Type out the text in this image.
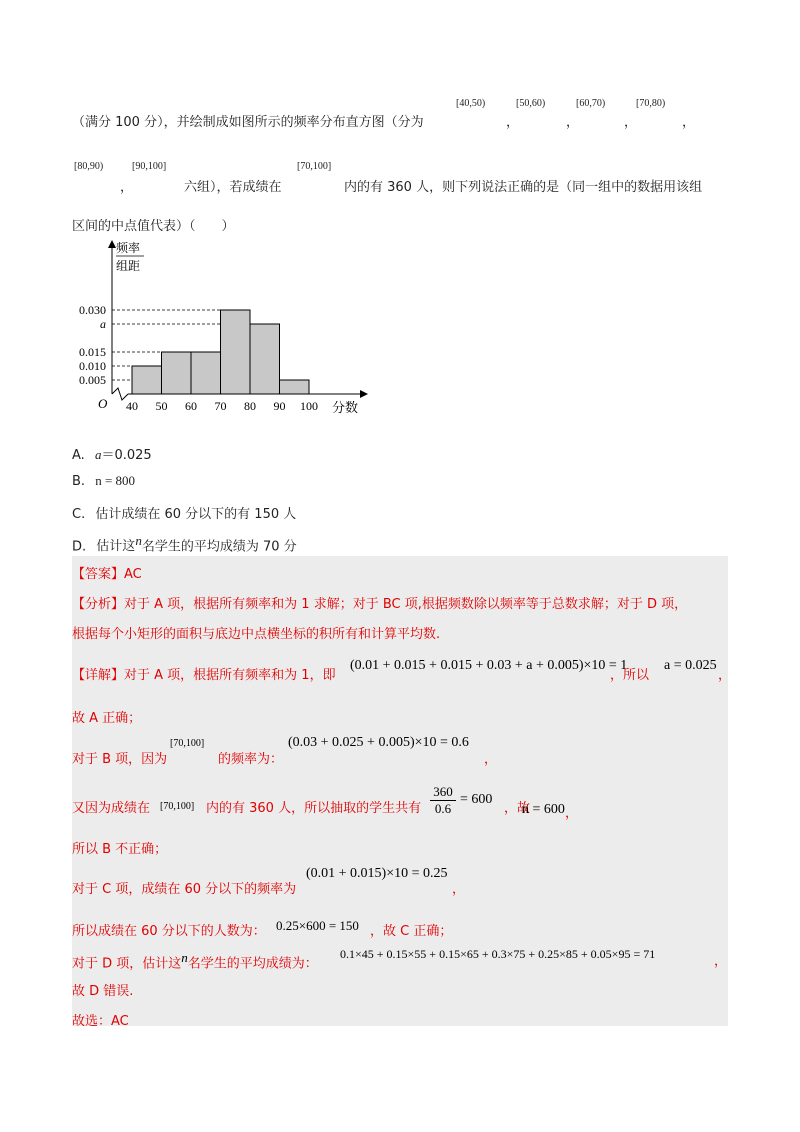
（满分 100 分），并绘制成如图所示的频率分布直方图（分为
[40,50)
，
[50,60)
，
[60,70)
，
[70,80)
，
[80,90)
，
[90,100]
六组），若成绩在
[70,100]
内的有 360 人，则下列说法正确的是（同一组中的数据用该组
区间的中点值代表）（　　）
0.005
0.010
0.015
a
0.030
40 50 60 70 80 90 100
频率
组距
O	分数
A. a＝0.025
B. n = 800
C. 估计成绩在 60 分以下的有 150 人
D. 估计这$^n$名学生的平均成绩为 70 分
【答案】AC
【分析】对于 A 项，根据所有频率和为 1 求解；对于 BC 项,根据频数除以频率等于总数求解；对于 D 项，
根据每个小矩形的面积与底边中点横坐标的积所有和计算平均数.
【详解】对于 A 项，根据所有频率和为 1，即
(0.01 + 0.015 + 0.015 + 0.03 + a + 0.005)×10 = 1
，所以
a = 0.025
，
故 A 正确；
对于 B 项，因为
[70,100]
的频率为：
(0.03 + 0.025 + 0.005)×10 = 0.6
，
又因为成绩在 [70,100] 内的有 360 人，所以抽取的学生共有 $\frac{360}{0.6} = 600$
，故
n = 600 ，
所以 B 不正确；
对于 C 项，成绩在 60 分以下的频率为
(0.01 + 0.015)×10 = 0.25
，
所以成绩在 60 分以下的人数为： 0.25×600 = 150 ，故 C 正确；
对于 D 项，估计这$^n$名学生的平均成绩为：
0.1×45 + 0.15×55 + 0.15×65 + 0.3×75 + 0.25×85 + 0.05×95 = 71	，
故 D 错误.
故选：AC
